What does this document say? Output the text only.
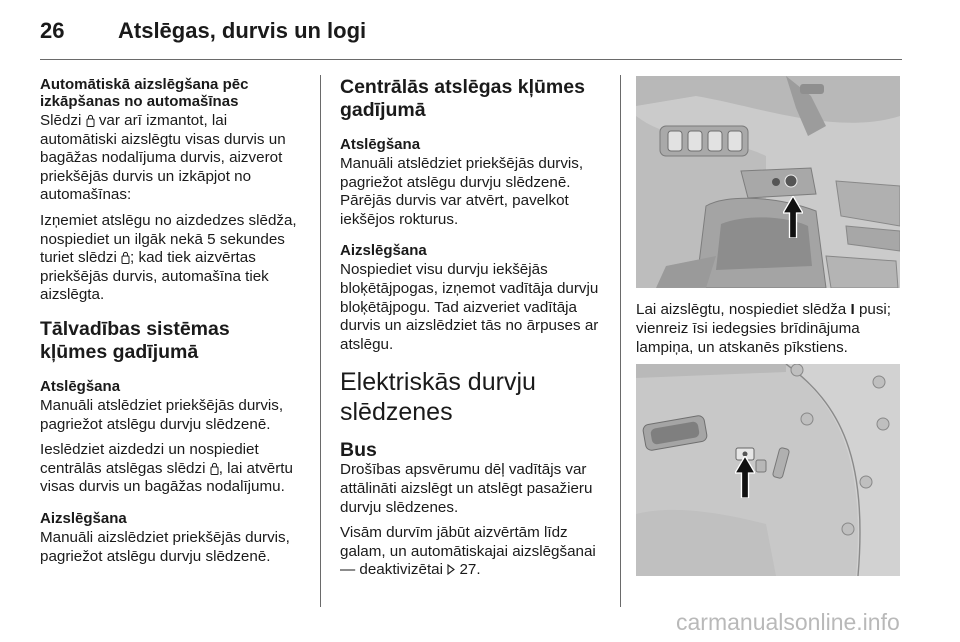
26 Atslēgas, durvis un logi
Automātiskā aizslēgšana pēc izkāpšanas no automašīnas

Slēdzi  var arī izmantot, lai automātiski aizslēgtu visas durvis un bagāžas nodalījuma durvis, aizverot priekšējās durvis un izkāpjot no automašīnas:

Izņemiet atslēgu no aizdedzes slēdža, nospiediet un ilgāk nekā 5 sekundes turiet slēdzi ; kad tiek aizvērtas priekšējās durvis, automašīna tiek aizslēgta.

Tālvadības sistēmas kļūmes gadījumā
Atslēgšana

Manuāli atslēdziet priekšējās durvis, pagriežot atslēgu durvju slēdzenē.

Ieslēdziet aizdedzi un nospiediet centrālās atslēgas slēdzi , lai atvērtu visas durvis un bagāžas nodalījumu.

Aizslēgšana

Manuāli aizslēdziet priekšējās durvis, pagriežot atslēgu durvju slēdzenē.

Centrālās atslēgas kļūmes gadījumā
Atslēgšana

Manuāli atslēdziet priekšējās durvis, pagriežot atslēgu durvju slēdzenē. Pārējās durvis var atvērt, pavelkot iekšējos rokturus.

Aizslēgšana

Nospiediet visu durvju iekšējās bloķētājpogas, izņemot vadītāja durvju bloķētājpogu. Tad aizveriet vadītāja durvis un aizslēdziet tās no ārpuses ar atslēgu.

Elektriskās durvju slēdzenes
Bus

Drošības apsvērumu dēļ vadītājs var attālināti aizslēgt un atslēgt pasažieru durvju slēdzenes.

Visām durvīm jābūt aizvērtām līdz galam, un automātiskajai aizslēgšanai — deaktivizētai 27.

Lai aizslēgtu, nospiediet slēdža I pusi; vienreiz īsi iedegsies brīdinājuma lampiņa, un atskanēs pīkstiens.
carmanualsonline.info
